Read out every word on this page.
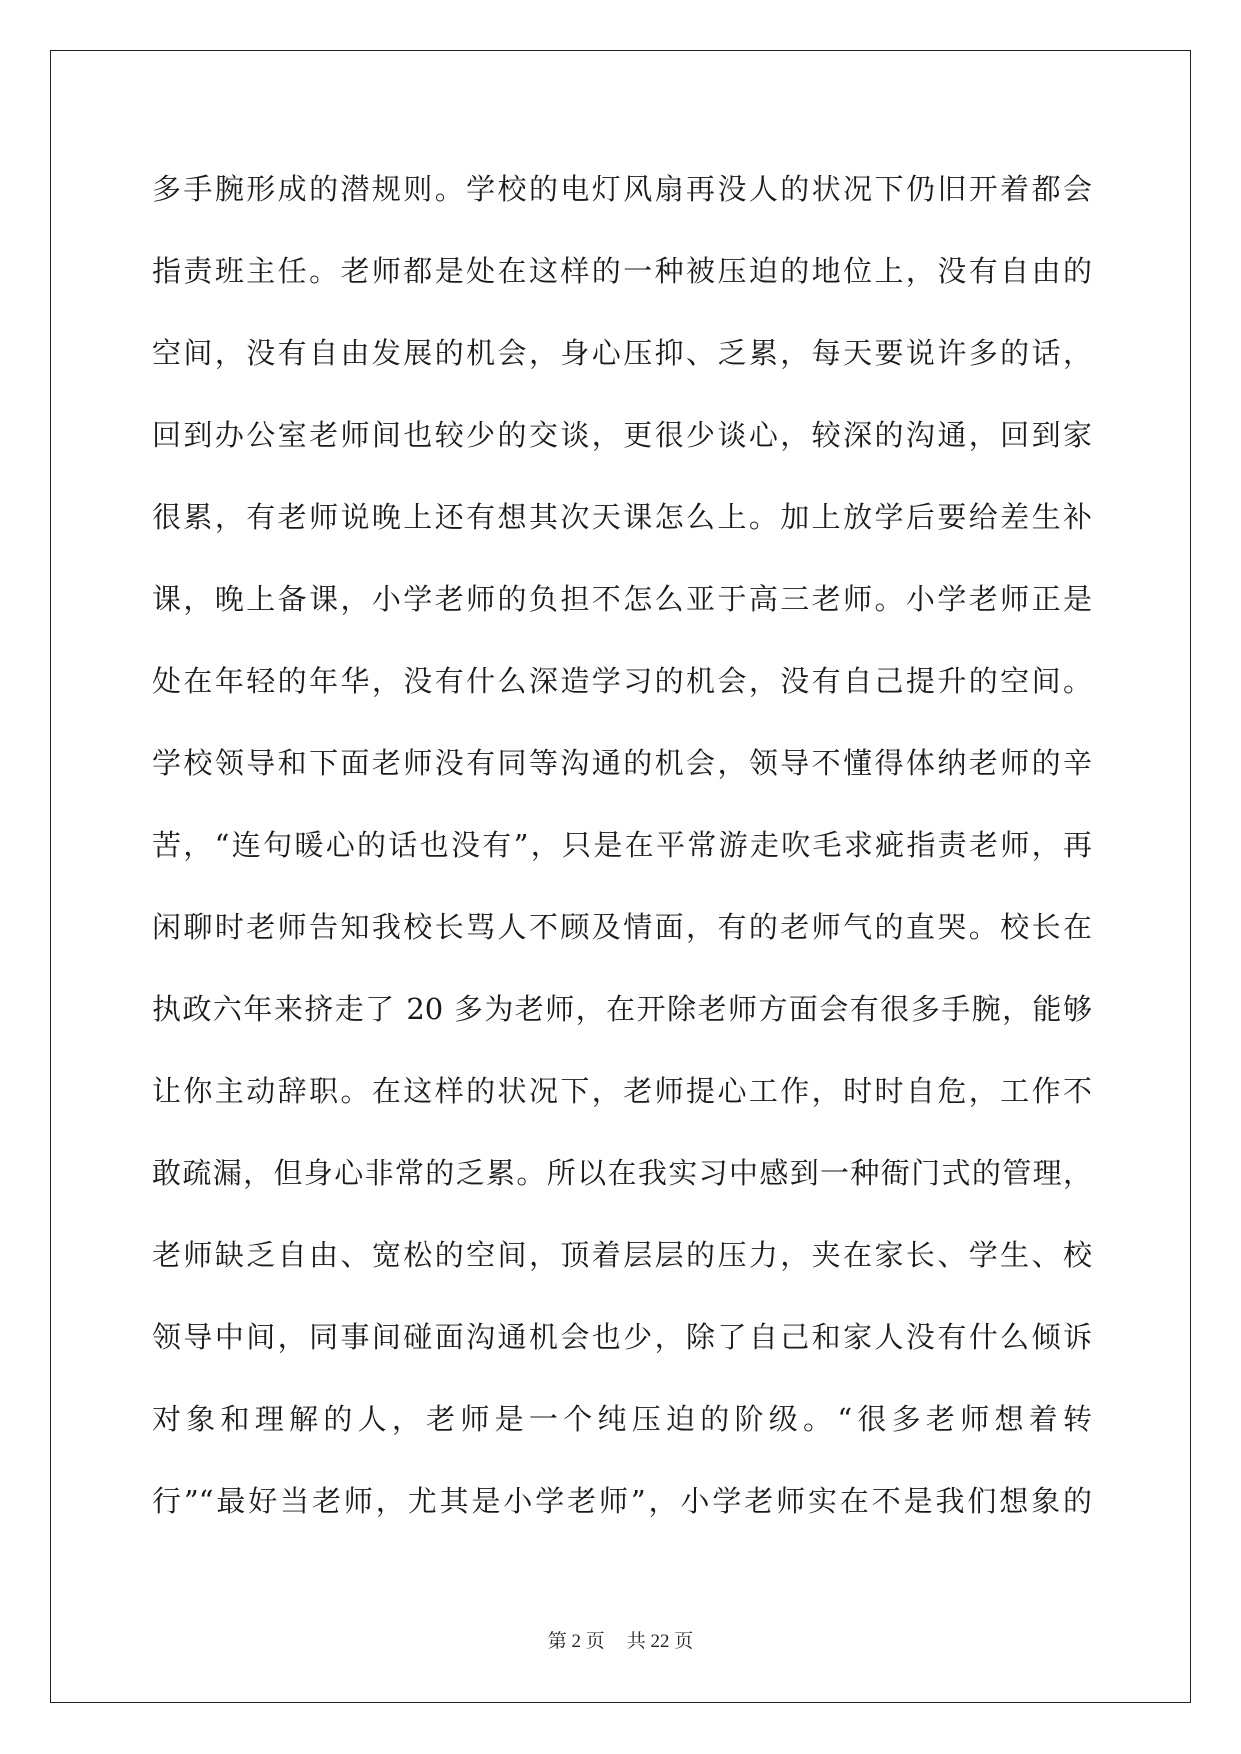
多手腕形成的潜规则。学校的电灯风扇再没人的状况下仍旧开着都会
指责班主任。老师都是处在这样的一种被压迫的地位上，没有自由的
空间，没有自由发展的机会，身心压抑、乏累，每天要说许多的话，
回到办公室老师间也较少的交谈，更很少谈心，较深的沟通，回到家
很累，有老师说晚上还有想其次天课怎么上。加上放学后要给差生补
课，晚上备课，小学老师的负担不怎么亚于高三老师。小学老师正是
处在年轻的年华，没有什么深造学习的机会，没有自己提升的空间。
学校领导和下面老师没有同等沟通的机会，领导不懂得体纳老师的辛
苦，“连句暖心的话也没有”，只是在平常游走吹毛求疵指责老师，再
闲聊时老师告知我校长骂人不顾及情面，有的老师气的直哭。校长在
执政六年来挤走了 20 多为老师，在开除老师方面会有很多手腕，能够
让你主动辞职。在这样的状况下，老师提心工作，时时自危，工作不
敢疏漏，但身心非常的乏累。所以在我实习中感到一种衙门式的管理，
老师缺乏自由、宽松的空间，顶着层层的压力，夹在家长、学生、校
领导中间，同事间碰面沟通机会也少，除了自己和家人没有什么倾诉
对象和理解的人，老师是一个纯压迫的阶级。“很多老师想着转
行”“最好当老师，尤其是小学老师”，小学老师实在不是我们想象的
第 2 页 共 22 页
